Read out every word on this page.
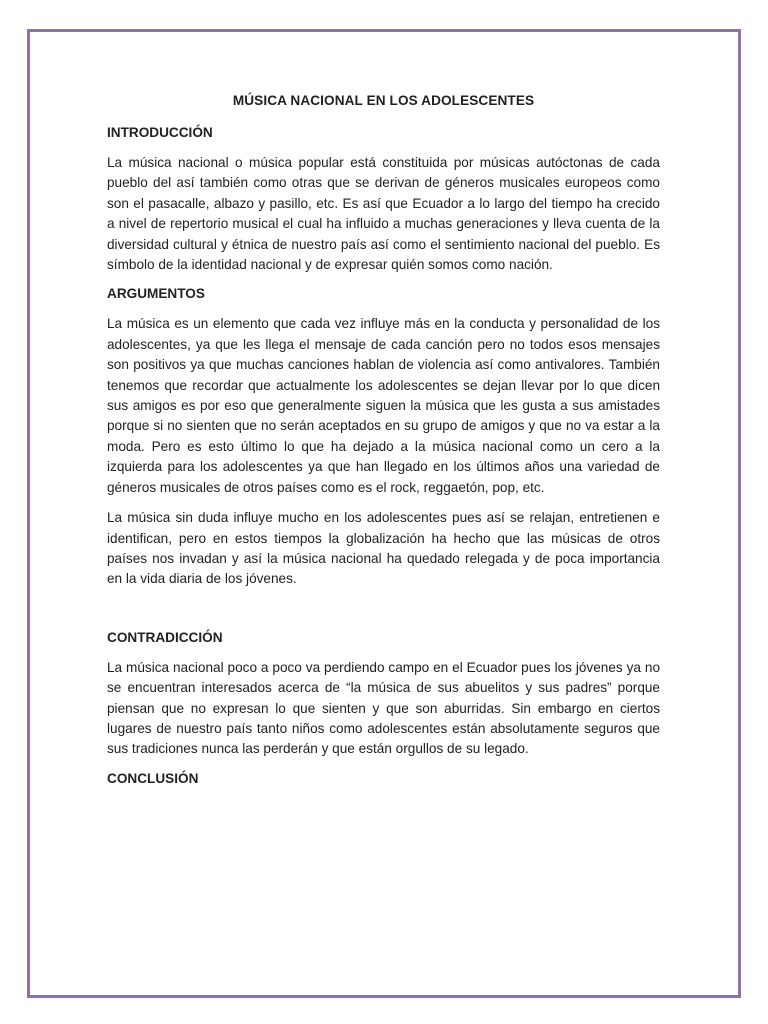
MÚSICA NACIONAL EN LOS ADOLESCENTES
INTRODUCCIÓN

La música nacional o música popular está constituida por músicas autóctonas de cada pueblo del así también como otras que se derivan de géneros musicales europeos como son el pasacalle, albazo y pasillo, etc. Es así que Ecuador a lo largo del tiempo ha crecido a nivel de repertorio musical el cual ha influido a muchas generaciones y lleva cuenta de la diversidad cultural y étnica de nuestro país así como el sentimiento nacional del pueblo. Es símbolo de la identidad nacional y de expresar quién somos como nación.

ARGUMENTOS

La música es un elemento que cada vez influye más en la conducta y personalidad de los adolescentes, ya que les llega el mensaje de cada canción pero no todos esos mensajes son positivos ya que muchas canciones hablan de violencia así como antivalores. También tenemos que recordar que actualmente los adolescentes se dejan llevar por lo que dicen sus amigos es por eso que generalmente siguen la música que les gusta a sus amistades porque si no sienten que no serán aceptados en su grupo de amigos y que no va estar a la moda. Pero es esto último lo que ha dejado a la música nacional como un cero a la izquierda para los adolescentes ya que han llegado en los últimos años una variedad de géneros musicales de otros países como es el rock, reggaetón, pop, etc.

La música sin duda influye mucho en los adolescentes pues así se relajan, entretienen e identifican, pero en estos tiempos la globalización ha hecho que las músicas de otros países nos invadan y así la música nacional ha quedado relegada y de poca importancia en la vida diaria de los jóvenes.

CONTRADICCIÓN

La música nacional poco a poco va perdiendo campo en el Ecuador pues los jóvenes ya no se encuentran interesados acerca de “la música de sus abuelitos y sus padres” porque piensan que no expresan lo que sienten y que son aburridas. Sin embargo en ciertos lugares de nuestro país tanto niños como adolescentes están absolutamente seguros que sus tradiciones nunca las perderán y que están orgullos de su legado.

CONCLUSIÓN
